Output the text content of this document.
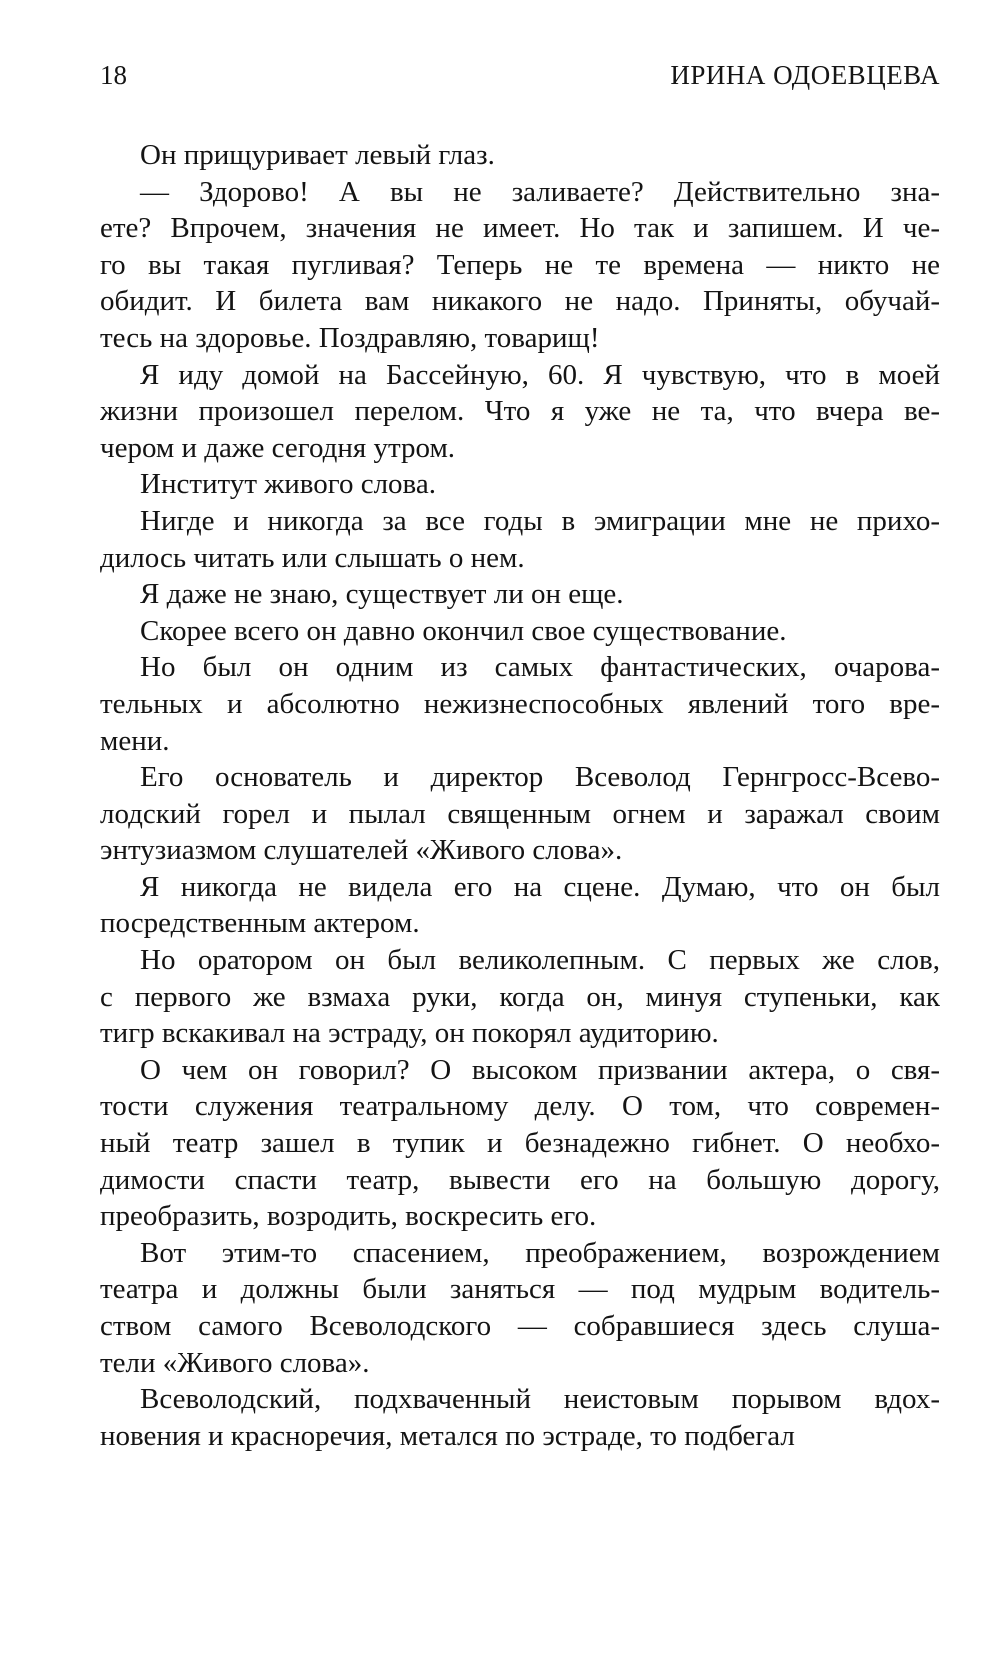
18	ИРИНА ОДОЕВЦЕВА
Он прищуривает левый глаз.
— Здорово! А вы не заливаете? Действительно зна-
ете? Впрочем, значения не имеет. Но так и запишем. И че-
го вы такая пугливая? Теперь не те времена — никто не
обидит. И билета вам никакого не надо. Приняты, обучай-
тесь на здоровье. Поздравляю, товарищ!
Я иду домой на Бассейную, 60. Я чувствую, что в моей
жизни произошел перелом. Что я уже не та, что вчера ве-
чером и даже сегодня утром.
Институт живого слова.
Нигде и никогда за все годы в эмиграции мне не прихо-
дилось читать или слышать о нем.
Я даже не знаю, существует ли он еще.
Скорее всего он давно окончил свое существование.
Но был он одним из самых фантастических, очарова-
тельных и абсолютно нежизнеспособных явлений того вре-
мени.
Его основатель и директор Всеволод Гернгросс-Всево-
лодский горел и пылал священным огнем и заражал своим
энтузиазмом слушателей «Живого слова».
Я никогда не видела его на сцене. Думаю, что он был
посредственным актером.
Но оратором он был великолепным. С первых же слов,
с первого же взмаха руки, когда он, минуя ступеньки, как
тигр вскакивал на эстраду, он покорял аудиторию.
О чем он говорил? О высоком призвании актера, о свя-
тости служения театральному делу. О том, что современ-
ный театр зашел в тупик и безнадежно гибнет. О необхо-
димости спасти театр, вывести его на большую дорогу,
преобразить, возродить, воскресить его.
Вот этим-то спасением, преображением, возрождением
театра и должны были заняться — под мудрым водитель-
ством самого Всеволодского — собравшиеся здесь слуша-
тели «Живого слова».
Всеволодский, подхваченный неистовым порывом вдох-
новения и красноречия, метался по эстраде, то подбегал
